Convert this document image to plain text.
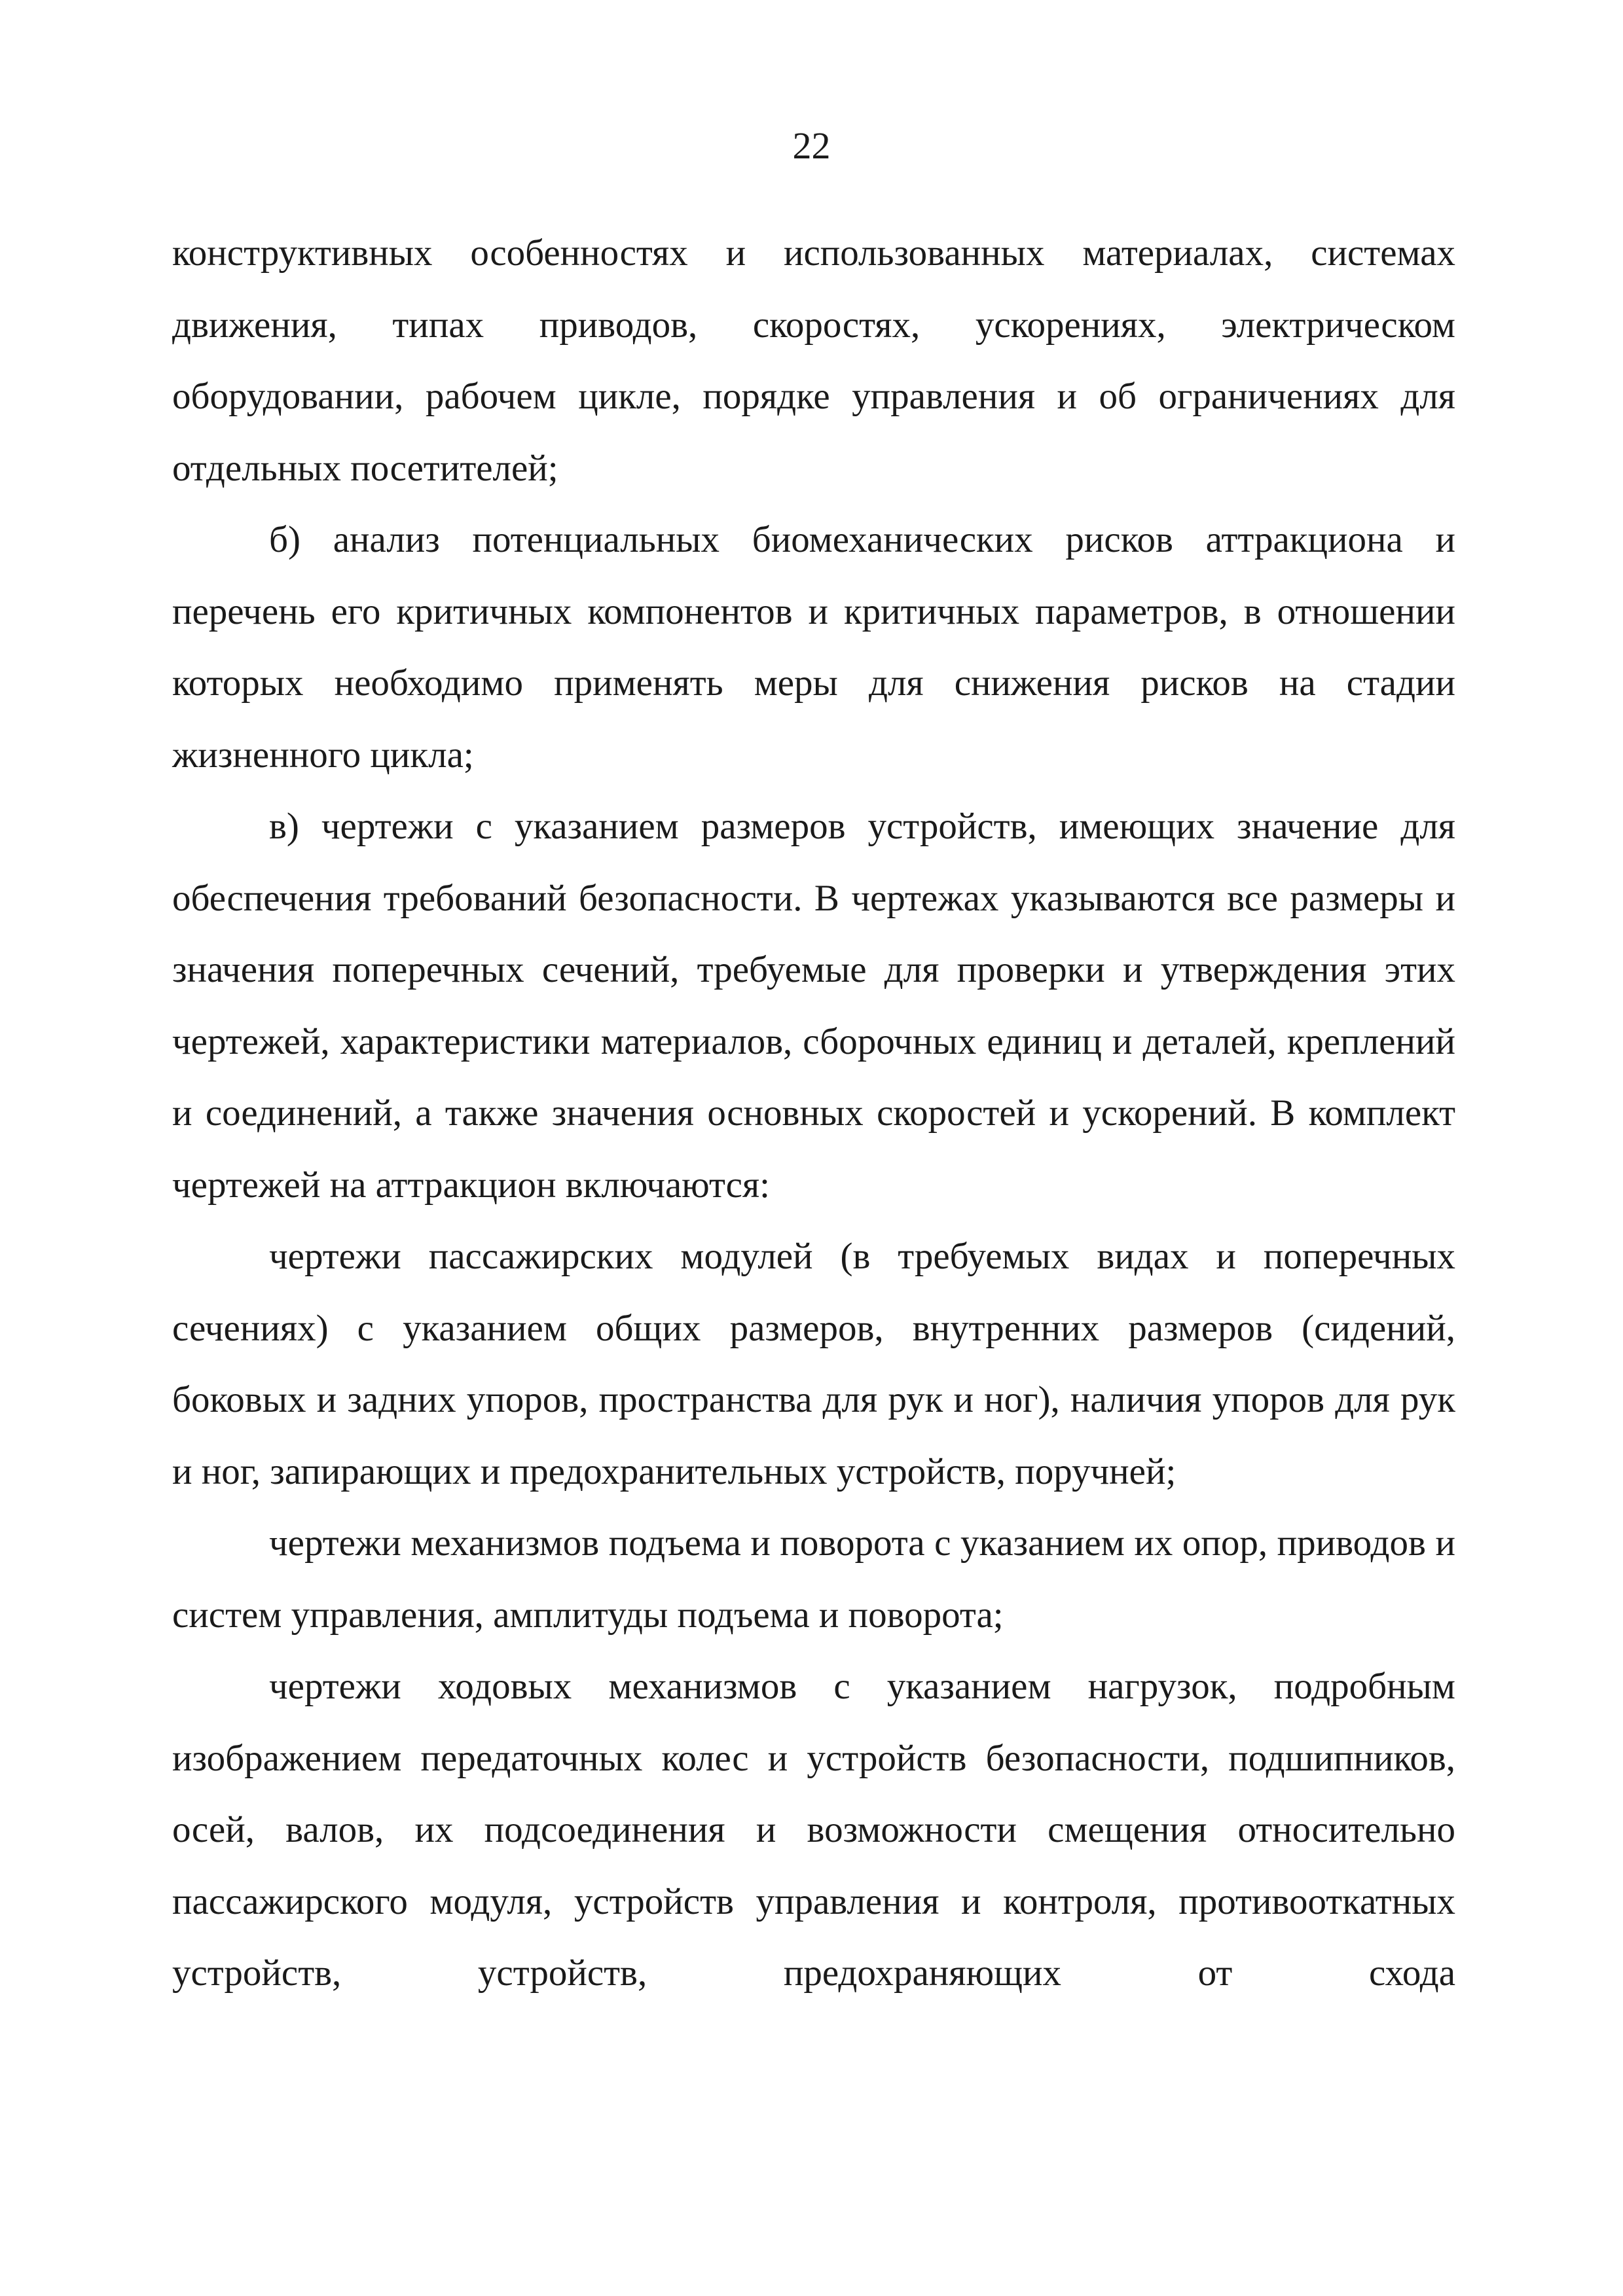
22

конструктивных особенностях и использованных материалах, системах движения, типах приводов, скоростях, ускорениях, электрическом оборудовании, рабочем цикле, порядке управления и об ограничениях для отдельных посетителей;

б) анализ потенциальных биомеханических рисков аттракциона и перечень его критичных компонентов и критичных параметров, в отношении которых необходимо применять меры для снижения рисков на стадии жизненного цикла;

в) чертежи с указанием размеров устройств, имеющих значение для обеспечения требований безопасности. В чертежах указываются все размеры и значения поперечных сечений, требуемые для проверки и утверждения этих чертежей, характеристики материалов, сборочных единиц и деталей, креплений и соединений, а также значения основных скоростей и ускорений. В комплект чертежей на аттракцион включаются:

чертежи пассажирских модулей (в требуемых видах и поперечных сечениях) с указанием общих размеров, внутренних размеров (сидений, боковых и задних упоров, пространства для рук и ног), наличия упоров для рук и ног, запирающих и предохранительных устройств, поручней;

чертежи механизмов подъема и поворота с указанием их опор, приводов и систем управления, амплитуды подъема и поворота;

чертежи ходовых механизмов с указанием нагрузок, подробным изображением передаточных колес и устройств безопасности, подшипников, осей, валов, их подсоединения и возможности смещения относительно пассажирского модуля, устройств управления и контроля, противооткатных устройств, устройств, предохраняющих от схода
